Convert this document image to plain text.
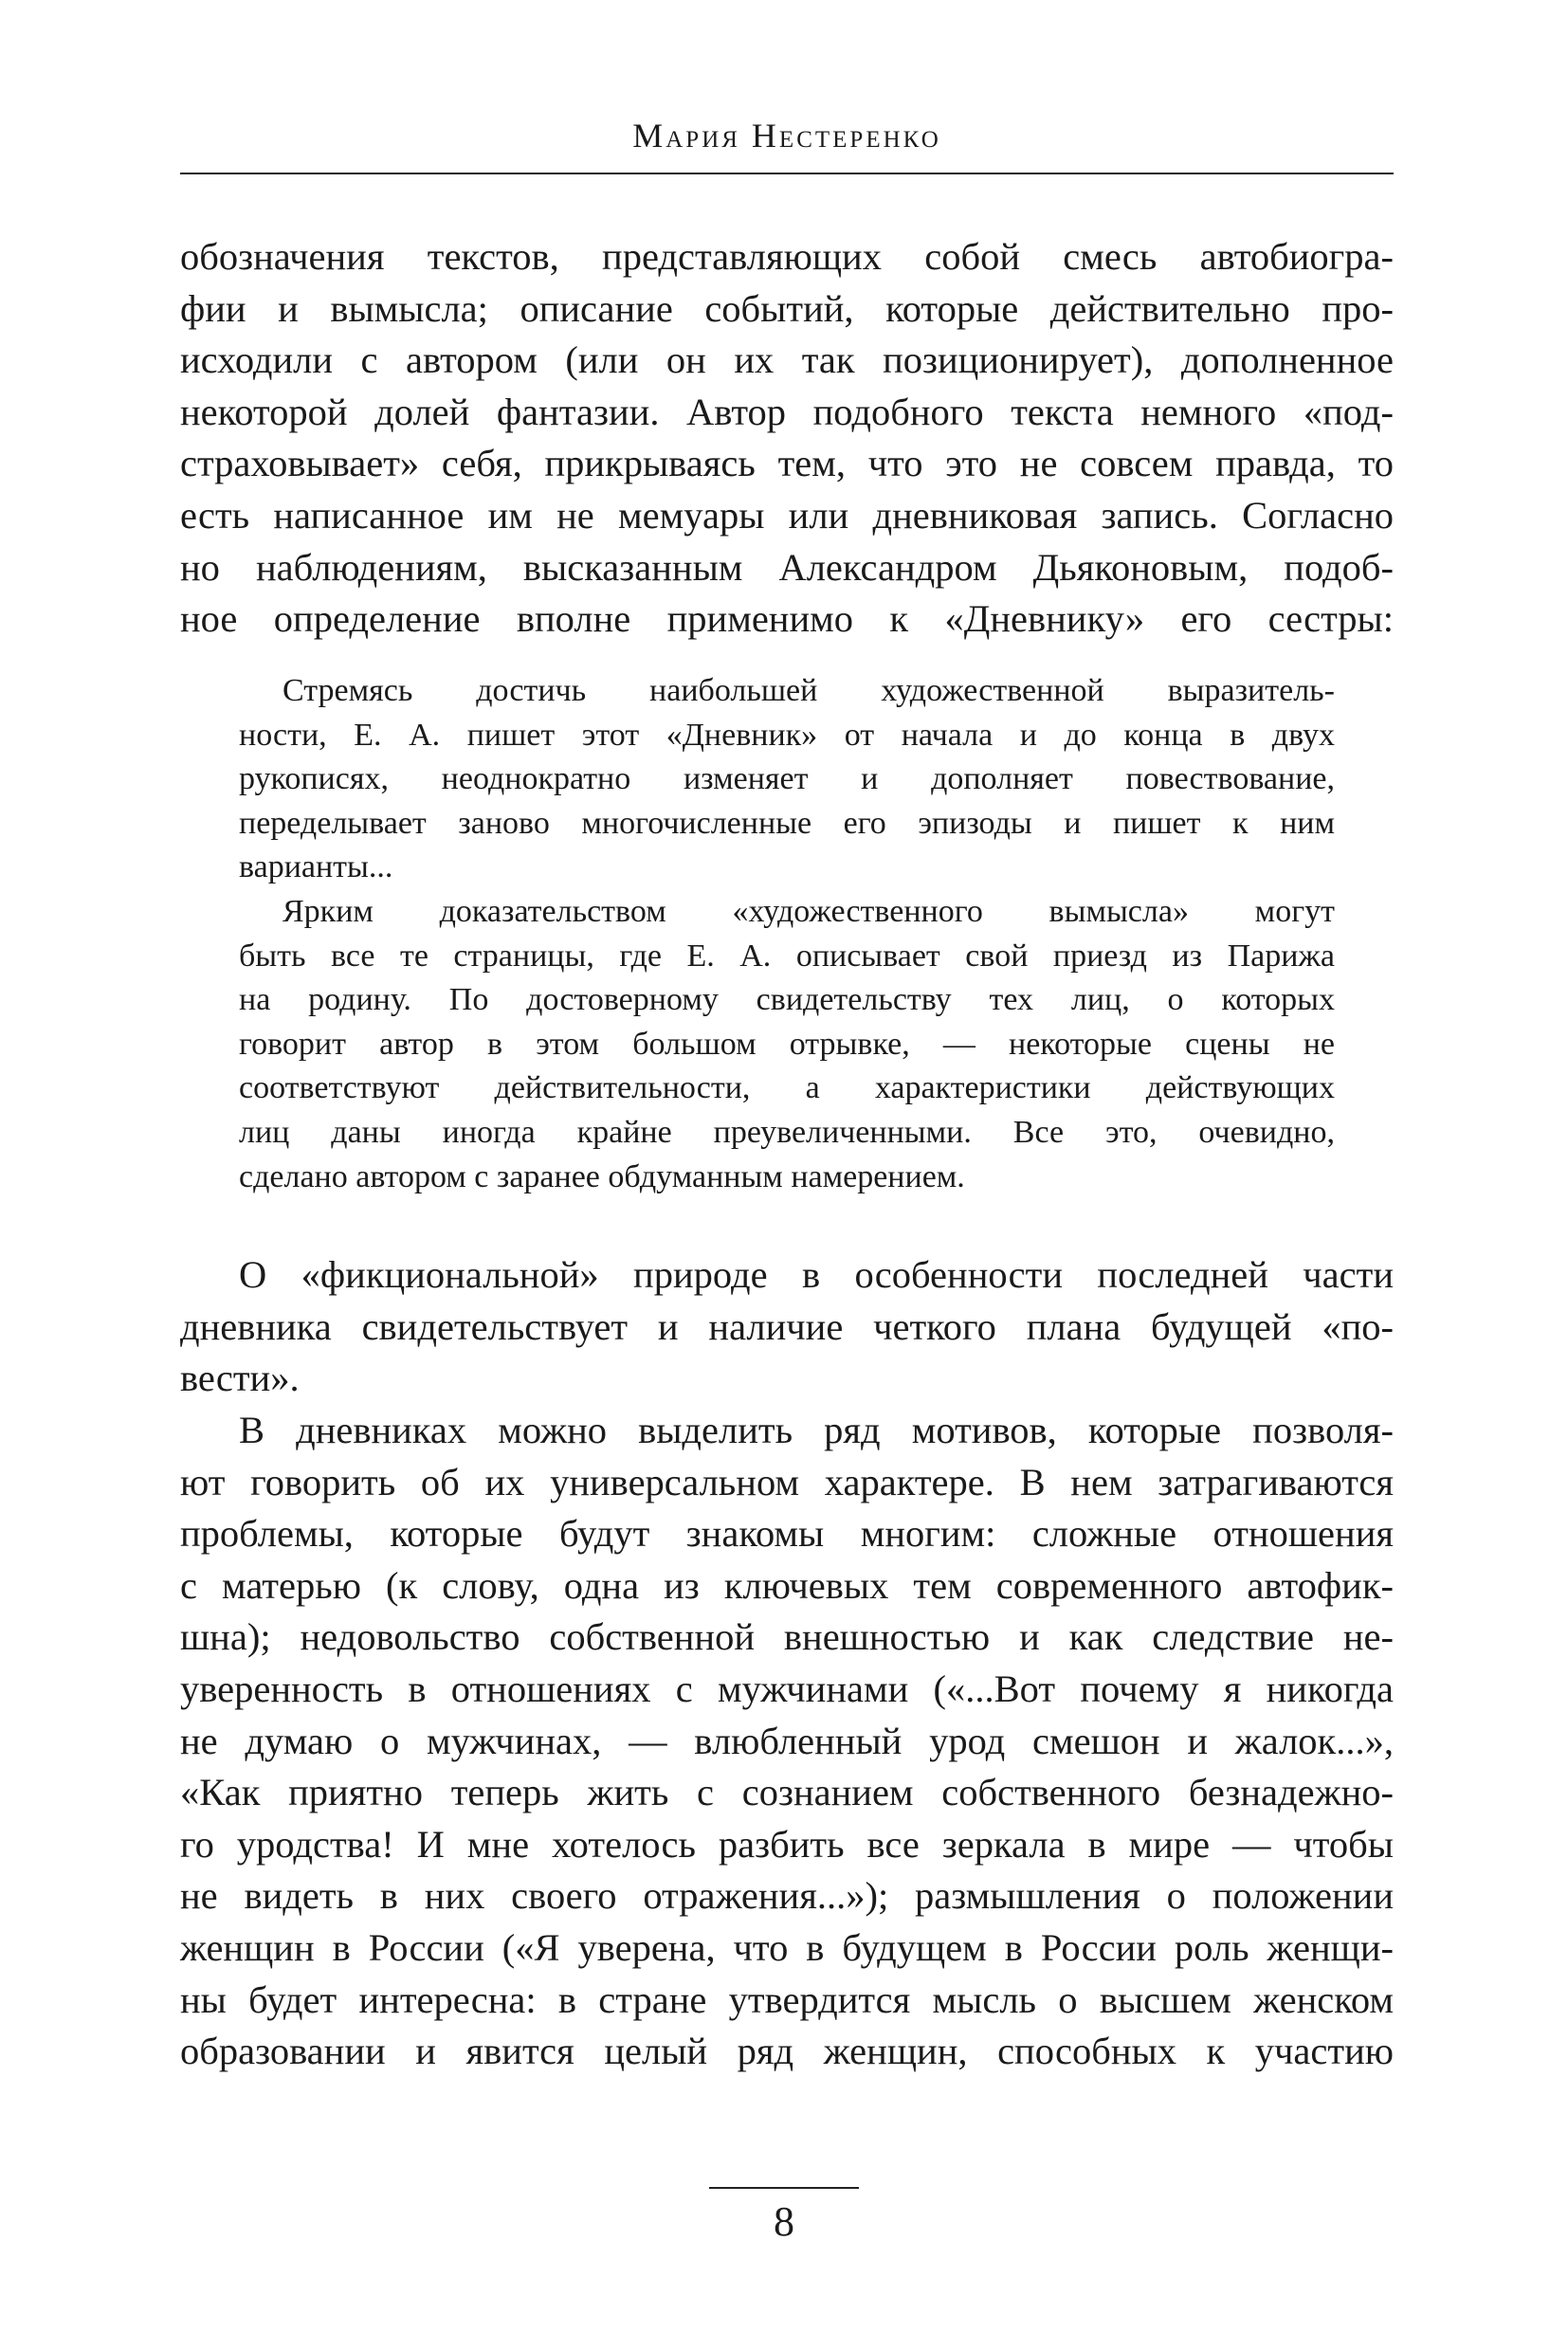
Мария Нестеренко
обозначения текстов, представляющих собой смесь автобиогра-
фии и вымысла; описание событий, которые действительно про-
исходили с автором (или он их так позиционирует), дополненное
некоторой долей фантазии. Автор подобного текста немного «под-
страховывает» себя, прикрываясь тем, что это не совсем правда, то
есть написанное им не мемуары или дневниковая запись. Согласно
но наблюдениям, высказанным Александром Дьяконовым, подоб-
ное определение вполне применимо к «Дневнику» его сестры:
Стремясь достичь наибольшей художественной выразитель-
ности, Е. А. пишет этот «Дневник» от начала и до конца в двух
рукописях, неоднократно изменяет и дополняет повествование,
переделывает заново многочисленные его эпизоды и пишет к ним
варианты...
Ярким доказательством «художественного вымысла» могут
быть все те страницы, где Е. А. описывает свой приезд из Парижа
на родину. По достоверному свидетельству тех лиц, о которых
говорит автор в этом большом отрывке, — некоторые сцены не
соответствуют действительности, а характеристики действующих
лиц даны иногда крайне преувеличенными. Все это, очевидно,
сделано автором с заранее обдуманным намерением.
О «фикциональной» природе в особенности последней части
дневника свидетельствует и наличие четкого плана будущей «по-
вести».
В дневниках можно выделить ряд мотивов, которые позволя-
ют говорить об их универсальном характере. В нем затрагиваются
проблемы, которые будут знакомы многим: сложные отношения
с матерью (к слову, одна из ключевых тем современного автофик-
шна); недовольство собственной внешностью и как следствие не-
уверенность в отношениях с мужчинами («...Вот почему я никогда
не думаю о мужчинах, — влюбленный урод смешон и жалок...»,
«Как приятно теперь жить с сознанием собственного безнадежно-
го уродства! И мне хотелось разбить все зеркала в мире — чтобы
не видеть в них своего отражения...»); размышления о положении
женщин в России («Я уверена, что в будущем в России роль женщи-
ны будет интересна: в стране утвердится мысль о высшем женском
образовании и явится целый ряд женщин, способных к участию
8
